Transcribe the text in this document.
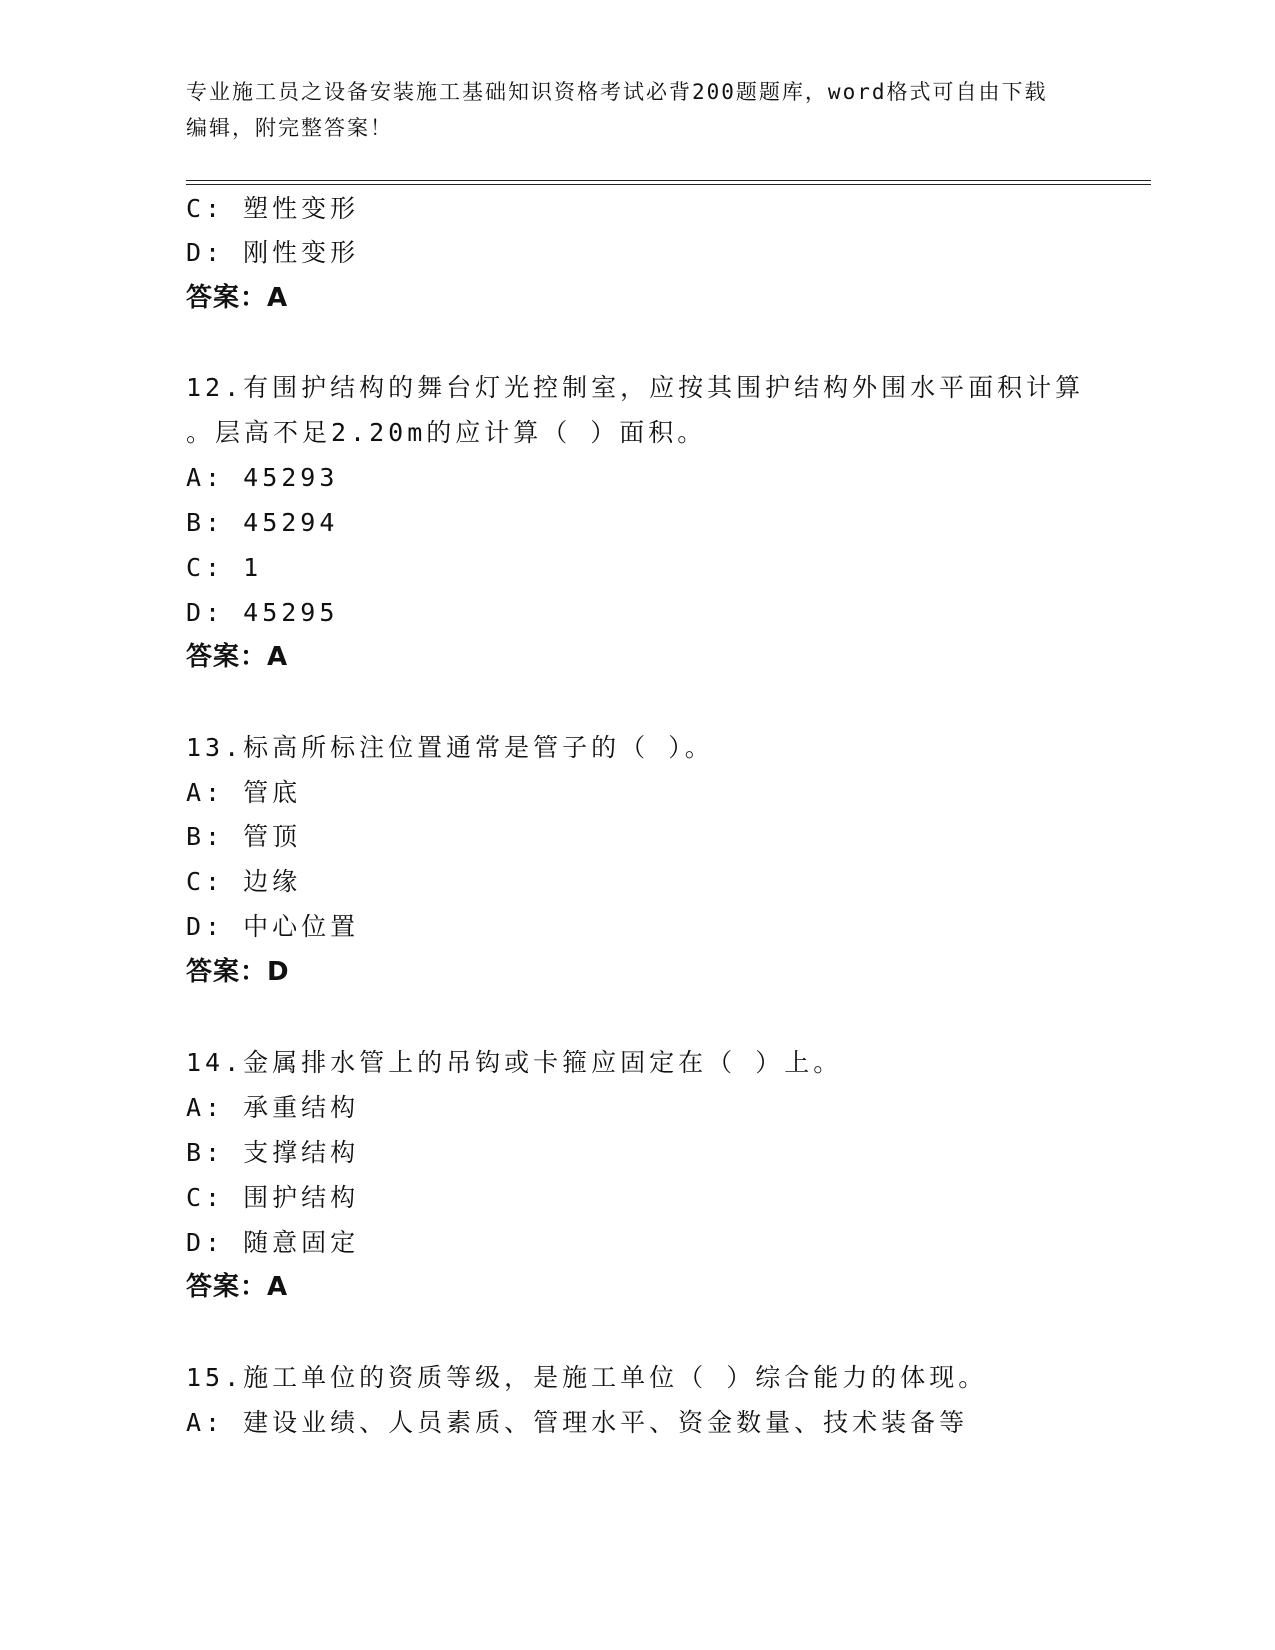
专业施工员之设备安装施工基础知识资格考试必背200题题库，word格式可自由下载编辑，附完整答案！
C: 塑性变形
D: 刚性变形
答案：A
12.有围护结构的舞台灯光控制室，应按其围护结构外围水平面积计算
。层高不足2.20m的应计算（ ）面积。
A: 45293
B: 45294
C: 1
D: 45295
答案：A
13.标高所标注位置通常是管子的（ ）。
A: 管底
B: 管顶
C: 边缘
D: 中心位置
答案：D
14.金属排水管上的吊钩或卡箍应固定在（ ）上。
A: 承重结构
B: 支撑结构
C: 围护结构
D: 随意固定
答案：A
15.施工单位的资质等级，是施工单位（ ）综合能力的体现。
A: 建设业绩、人员素质、管理水平、资金数量、技术装备等
